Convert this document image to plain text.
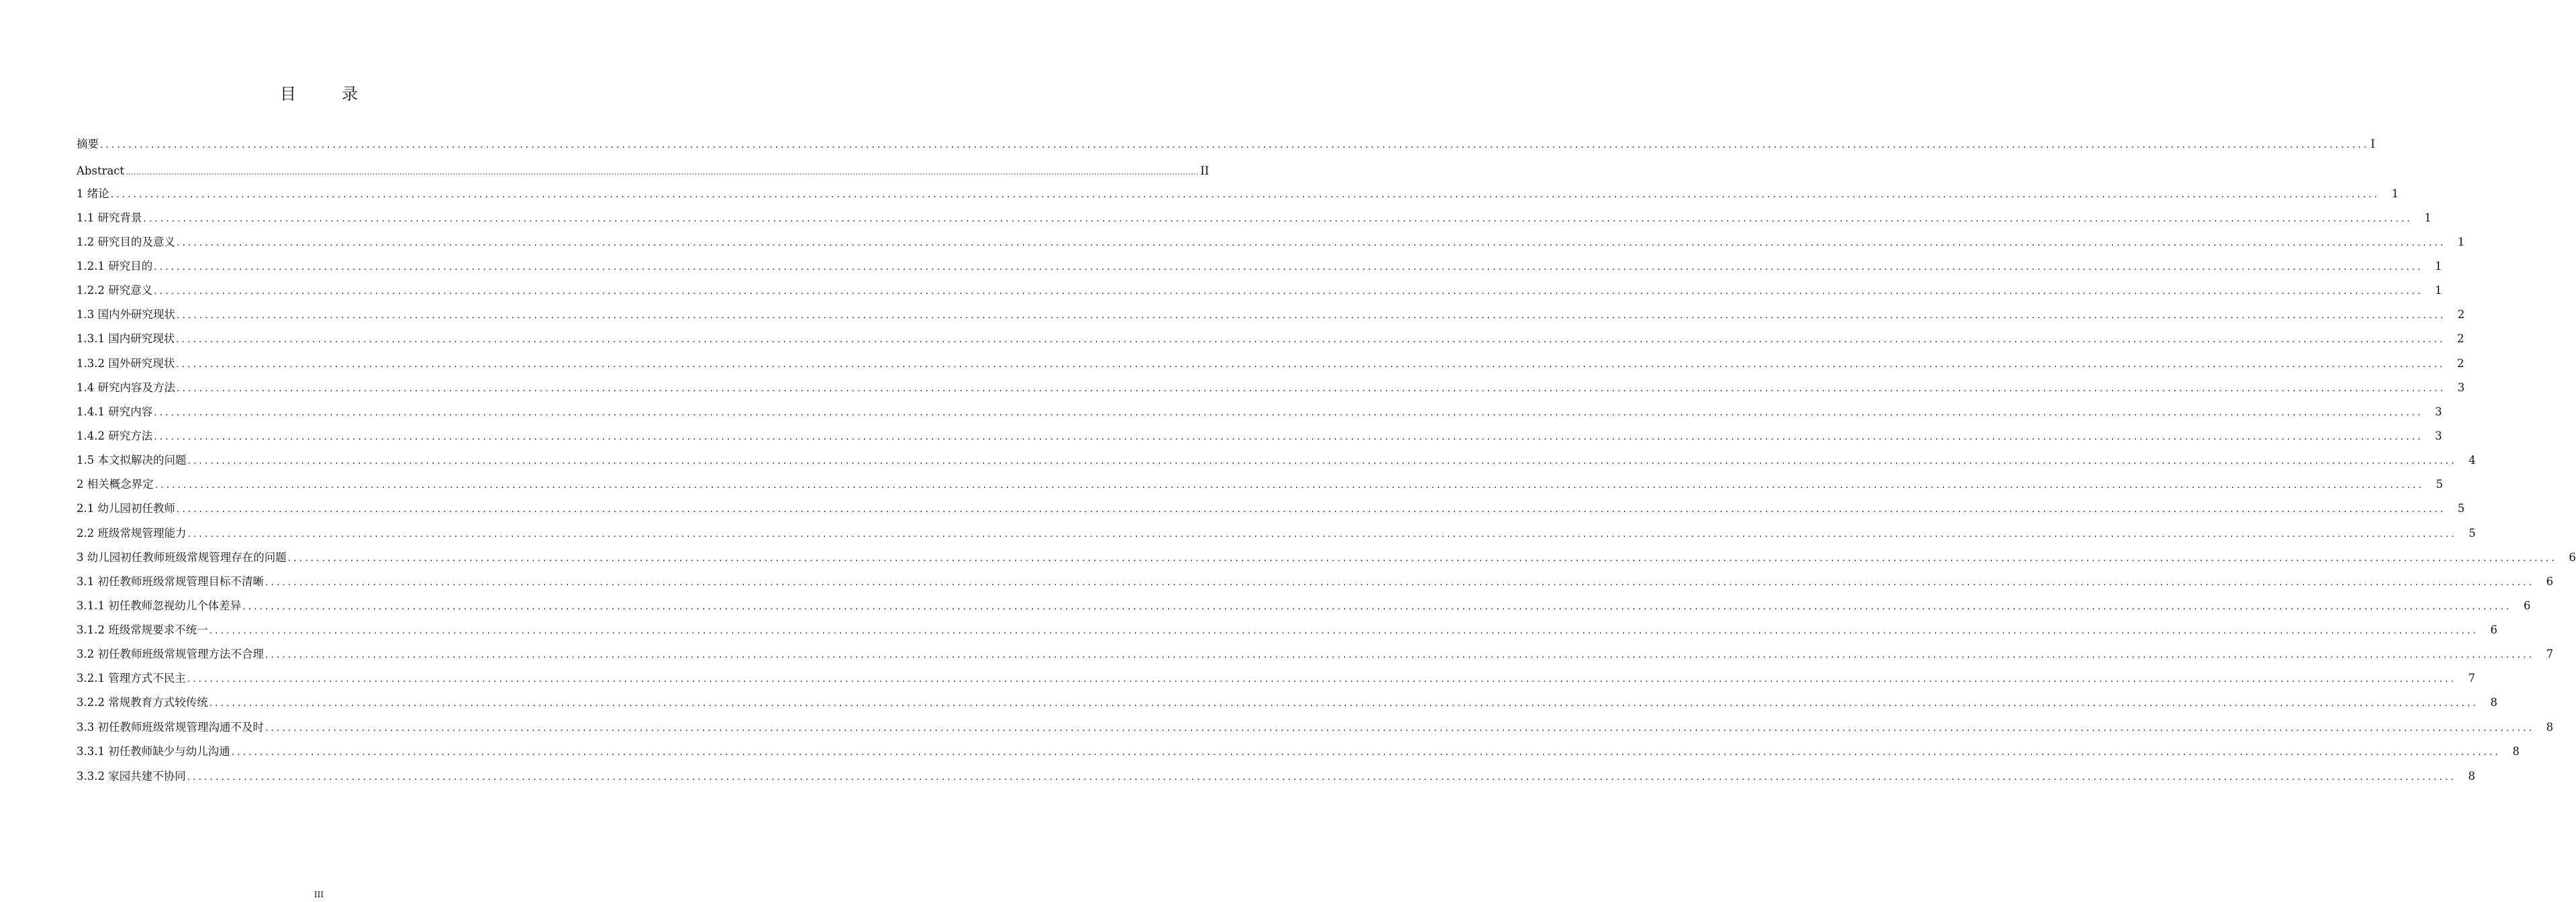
目　录
摘要 ................................................................................................................................................................................................................................................................................................................................................................................................................ I
Abstract ................................................................................................................................................................................................................................................................................................................................................................................................................ II
1 绪论 ................................................................................................................................................................................................................................................................................................................................................................................................................	1
1.1 研究背景 ................................................................................................................................................................................................................................................................................................................................................................................................................	1
1.2 研究目的及意义 ................................................................................................................................................................................................................................................................................................................................................................................................................	1
1.2.1 研究目的 ................................................................................................................................................................................................................................................................................................................................................................................................................	1
1.2.2 研究意义 ................................................................................................................................................................................................................................................................................................................................................................................................................	1
1.3 国内外研究现状 ................................................................................................................................................................................................................................................................................................................................................................................................................	2
1.3.1 国内研究现状 ................................................................................................................................................................................................................................................................................................................................................................................................................	2
1.3.2 国外研究现状 ................................................................................................................................................................................................................................................................................................................................................................................................................	2
1.4 研究内容及方法 ................................................................................................................................................................................................................................................................................................................................................................................................................	3
1.4.1 研究内容 ................................................................................................................................................................................................................................................................................................................................................................................................................	3
1.4.2 研究方法 ................................................................................................................................................................................................................................................................................................................................................................................................................	3
1.5 本文拟解决的问题 ................................................................................................................................................................................................................................................................................................................................................................................................................	4
2 相关概念界定 ................................................................................................................................................................................................................................................................................................................................................................................................................	5
2.1 幼儿园初任教师 ................................................................................................................................................................................................................................................................................................................................................................................................................	5
2.2 班级常规管理能力 ................................................................................................................................................................................................................................................................................................................................................................................................................	5
3 幼儿园初任教师班级常规管理存在的问题 ................................................................................................................................................................................................................................................................................................................................................................................................................	6
3.1 初任教师班级常规管理目标不清晰 ................................................................................................................................................................................................................................................................................................................................................................................................................	6
3.1.1 初任教师忽视幼儿个体差异 ................................................................................................................................................................................................................................................................................................................................................................................................................	6
3.1.2 班级常规要求不统一 ................................................................................................................................................................................................................................................................................................................................................................................................................	6
3.2 初任教师班级常规管理方法不合理 ................................................................................................................................................................................................................................................................................................................................................................................................................	7
3.2.1 管理方式不民主 ................................................................................................................................................................................................................................................................................................................................................................................................................	7
3.2.2 常规教育方式较传统 ................................................................................................................................................................................................................................................................................................................................................................................................................	8
3.3 初任教师班级常规管理沟通不及时 ................................................................................................................................................................................................................................................................................................................................................................................................................	8
3.3.1 初任教师缺少与幼儿沟通 ................................................................................................................................................................................................................................................................................................................................................................................................................	8
3.3.2 家园共建不协同 ................................................................................................................................................................................................................................................................................................................................................................................................................	8
III
